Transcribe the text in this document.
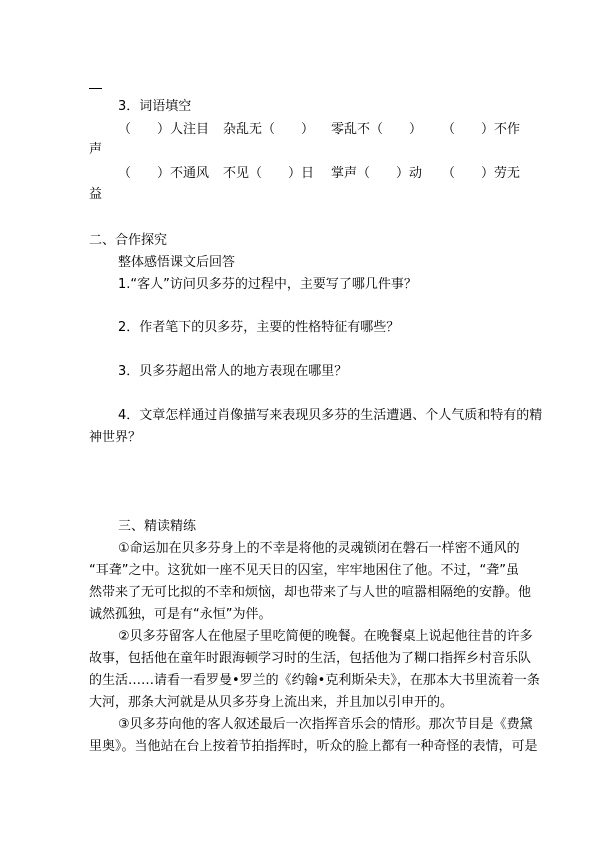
3．词语填空
（　　）人注目 杂乱无（　　） 零乱不（　　） （　　）不作
声
（　　）不通风 不见（　　）日 掌声（　　）动 （　　）劳无
益
二、合作探究
整体感悟课文后回答
1.“客人”访问贝多芬的过程中，主要写了哪几件事？
2．作者笔下的贝多芬，主要的性格特征有哪些？
3．贝多芬超出常人的地方表现在哪里？
4．文章怎样通过肖像描写来表现贝多芬的生活遭遇、个人气质和特有的精
神世界？
三、精读精练
①命运加在贝多芬身上的不幸是将他的灵魂锁闭在磐石一样密不通风的
“耳聋”之中。这犹如一座不见天日的囚室，牢牢地困住了他。不过，“聋”虽
然带来了无可比拟的不幸和烦恼，却也带来了与人世的喧嚣相隔绝的安静。他
诚然孤独，可是有“永恒”为伴。
②贝多芬留客人在他屋子里吃简便的晚餐。在晚餐桌上说起他往昔的许多
故事，包括他在童年时跟海顿学习时的生活，包括他为了糊口指挥乡村音乐队
的生活……请看一看罗曼•罗兰的《约翰•克利斯朵夫》，在那本大书里流着一条
大河，那条大河就是从贝多芬身上流出来，并且加以引申开的。
③贝多芬向他的客人叙述最后一次指挥音乐会的情形。那次节目是《费黛
里奥》。当他站在台上按着节拍指挥时，听众的脸上都有一种奇怪的表情，可是
